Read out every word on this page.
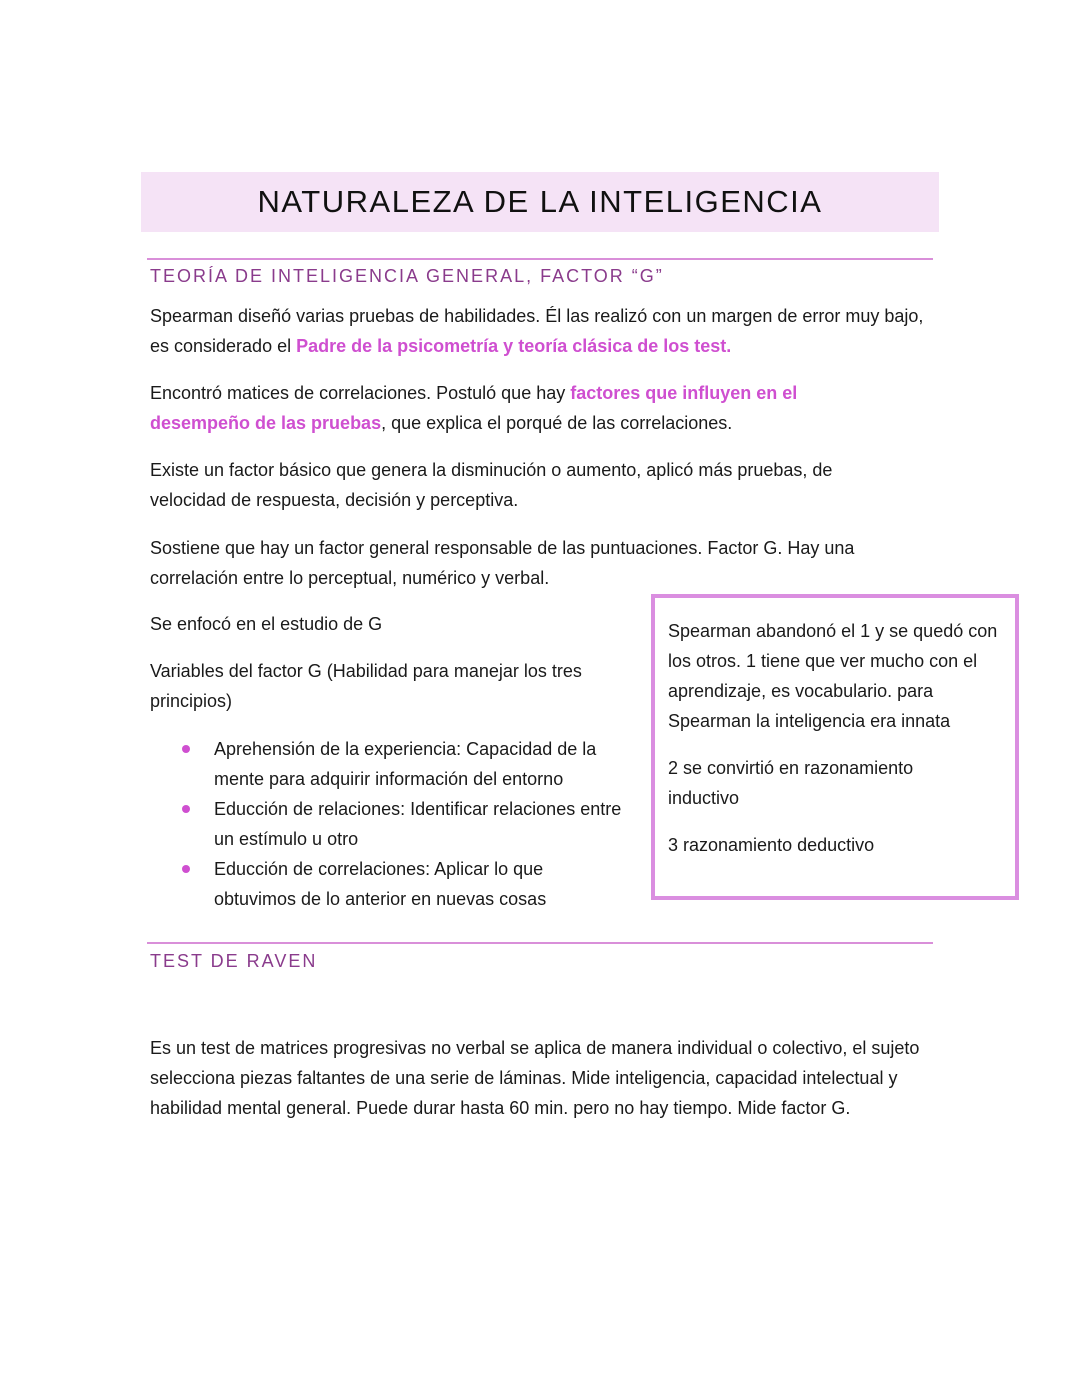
NATURALEZA DE LA INTELIGENCIA
TEORÍA DE INTELIGENCIA GENERAL, FACTOR “G”

Spearman diseñó varias pruebas de habilidades. Él las realizó con un margen de error muy bajo, es considerado el Padre de la psicometría y teoría clásica de los test.

Encontró matices de correlaciones. Postuló que hay factores que influyen en el desempeño de las pruebas, que explica el porqué de las correlaciones.

Existe un factor básico que genera la disminución o aumento, aplicó más pruebas, de velocidad de respuesta, decisión y perceptiva.

Sostiene que hay un factor general responsable de las puntuaciones. Factor G. Hay una correlación entre lo perceptual, numérico y verbal.

Se enfocó en el estudio de G

Variables del factor G (Habilidad para manejar los tres principios)

Aprehensión de la experiencia: Capacidad de la mente para adquirir información del entorno
Educción de relaciones: Identificar relaciones entre un estímulo u otro
Educción de correlaciones: Aplicar lo que obtuvimos de lo anterior en nuevas cosas

Spearman abandonó el 1 y se quedó con los otros. 1 tiene que ver mucho con el aprendizaje, es vocabulario. para Spearman la inteligencia era innata

2 se convirtió en razonamiento inductivo

3 razonamiento deductivo

TEST DE RAVEN

Es un test de matrices progresivas no verbal se aplica de manera individual o colectivo, el sujeto selecciona piezas faltantes de una serie de láminas. Mide inteligencia, capacidad intelectual y habilidad mental general. Puede durar hasta 60 min. pero no hay tiempo. Mide factor G.
